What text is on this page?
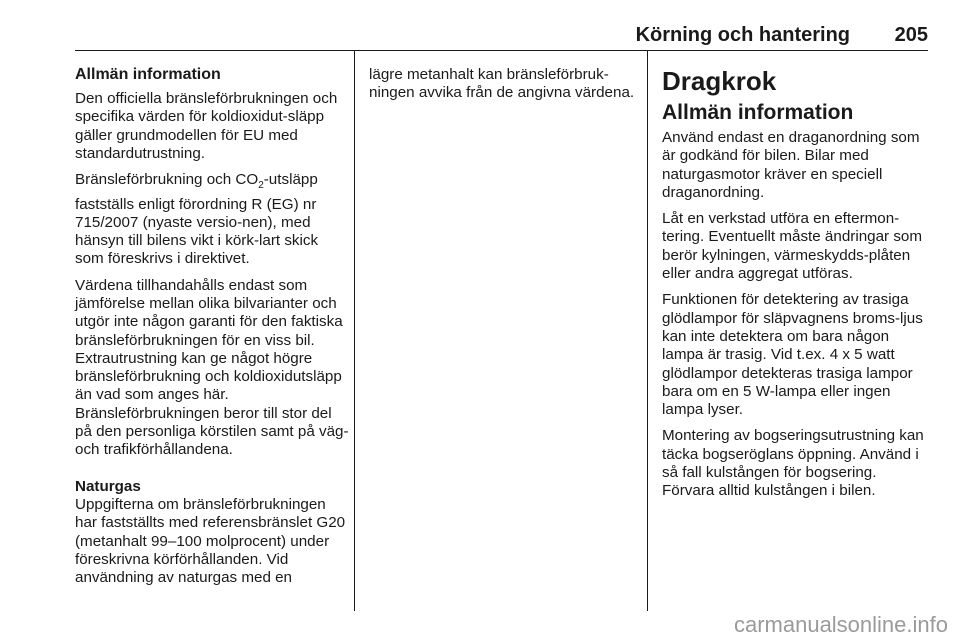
Körning och hantering 205
Allmän information

Den officiella bränsleförbrukningen och specifika värden för koldioxidut-släpp gäller grundmodellen för EU med standardutrustning.

Bränsleförbrukning och $CO_2$-utsläpp fastställs enligt förordning R (EG) nr 715/2007 (nyaste versio-nen), med hänsyn till bilens vikt i körk-lart skick som föreskrivs i direktivet.

Värdena tillhandahålls endast som jämförelse mellan olika bilvarianter och utgör inte någon garanti för den faktiska bränsleförbrukningen för en viss bil. Extrautrustning kan ge något högre bränsleförbrukning och koldioxidutsläpp än vad som anges här. Bränsleförbrukningen beror till stor del på den personliga körstilen samt på väg- och trafikförhållandena.

Naturgas

Uppgifterna om bränsleförbrukningen har fastställts med referensbränslet G20 (metanhalt 99–100 molprocent) under föreskrivna körförhållanden. Vid användning av naturgas med en

lägre metanhalt kan bränsleförbruk-ningen avvika från de angivna värdena. Dragkrok
Allmän information

Använd endast en draganordning som är godkänd för bilen. Bilar med naturgasmotor kräver en speciell draganordning.

Låt en verkstad utföra en eftermon-tering. Eventuellt måste ändringar som berör kylningen, värmeskydds-plåten eller andra aggregat utföras.

Funktionen för detektering av trasiga glödlampor för släpvagnens broms-ljus kan inte detektera om bara någon lampa är trasig. Vid t.ex. 4 x 5 watt glödlampor detekteras trasiga lampor bara om en 5 W-lampa eller ingen lampa lyser.

Montering av bogseringsutrustning kan täcka bogseröglans öppning. Använd i så fall kulstången för bogsering. Förvara alltid kulstången i bilen.

carmanualsonline.info
